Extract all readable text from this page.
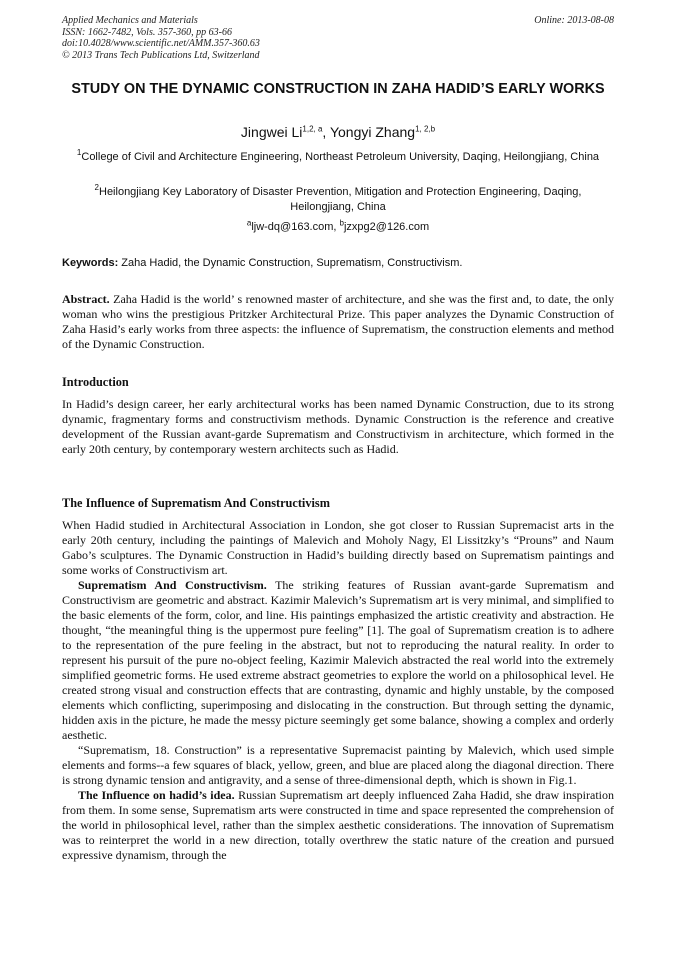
Applied Mechanics and Materials
ISSN: 1662-7482, Vols. 357-360, pp 63-66
doi:10.4028/www.scientific.net/AMM.357-360.63
© 2013 Trans Tech Publications Ltd, Switzerland
Online: 2013-08-08
STUDY ON THE DYNAMIC CONSTRUCTION IN ZAHA HADID’S EARLY WORKS
Jingwei Li$^{1,2, a}$, Yongyi Zhang$^{1, 2,b}$
$^1$College of Civil and Architecture Engineering, Northeast Petroleum University, Daqing, Heilongjiang, China
$^2$Heilongjiang Key Laboratory of Disaster Prevention, Mitigation and Protection Engineering, Daqing, Heilongjiang, China
$^a$ljw-dq@163.com, $^b$jzxpg2@126.com
Keywords: Zaha Hadid, the Dynamic Construction, Suprematism, Constructivism.
Abstract. Zaha Hadid is the world’ s renowned master of architecture, and she was the first and, to date, the only woman who wins the prestigious Pritzker Architectural Prize. This paper analyzes the Dynamic Construction of Zaha Hasid’s early works from three aspects: the influence of Suprematism, the construction elements and method of the Dynamic Construction.
Introduction
In Hadid’s design career, her early architectural works has been named Dynamic Construction, due to its strong dynamic, fragmentary forms and constructivism methods. Dynamic Construction is the reference and creative development of the Russian avant-garde Suprematism and Constructivism in architecture, which formed in the early 20th century, by contemporary western architects such as Hadid.
The Influence of Suprematism And Constructivism

When Hadid studied in Architectural Association in London, she got closer to Russian Supremacist arts in the early 20th century, including the paintings of Malevich and Moholy Nagy, El Lissitzky’s “Prouns” and Naum Gabo’s sculptures. The Dynamic Construction in Hadid’s building directly based on Suprematism paintings and some works of Constructivism art.

Suprematism And Constructivism. The striking features of Russian avant-garde Suprematism and Constructivism are geometric and abstract. Kazimir Malevich’s Suprematism art is very minimal, and simplified to the basic elements of the form, color, and line. His paintings emphasized the artistic creativity and abstraction. He thought, “the meaningful thing is the uppermost pure feeling” [1]. The goal of Suprematism creation is to adhere to the representation of the pure feeling in the abstract, but not to reproducing the natural reality. In order to represent his pursuit of the pure no-object feeling, Kazimir Malevich abstracted the real world into the extremely simplified geometric forms. He used extreme abstract geometries to explore the world on a philosophical level. He created strong visual and construction effects that are contrasting, dynamic and highly unstable, by the composed elements which conflicting, superimposing and dislocating in the construction. But through setting the dynamic, hidden axis in the picture, he made the messy picture seemingly get some balance, showing a complex and orderly aesthetic.

“Suprematism, 18. Construction” is a representative Supremacist painting by Malevich, which used simple elements and forms--a few squares of black, yellow, green, and blue are placed along the diagonal direction. There is strong dynamic tension and antigravity, and a sense of three-dimensional depth, which is shown in Fig.1.

The Influence on hadid’s idea. Russian Suprematism art deeply influenced Zaha Hadid, she draw inspiration from them. In some sense, Suprematism arts were constructed in time and space represented the comprehension of the world in philosophical level, rather than the simplex aesthetic considerations. The innovation of Suprematism was to reinterpret the world in a new direction, totally overthrew the static nature of the creation and pursued expressive dynamism, through the
